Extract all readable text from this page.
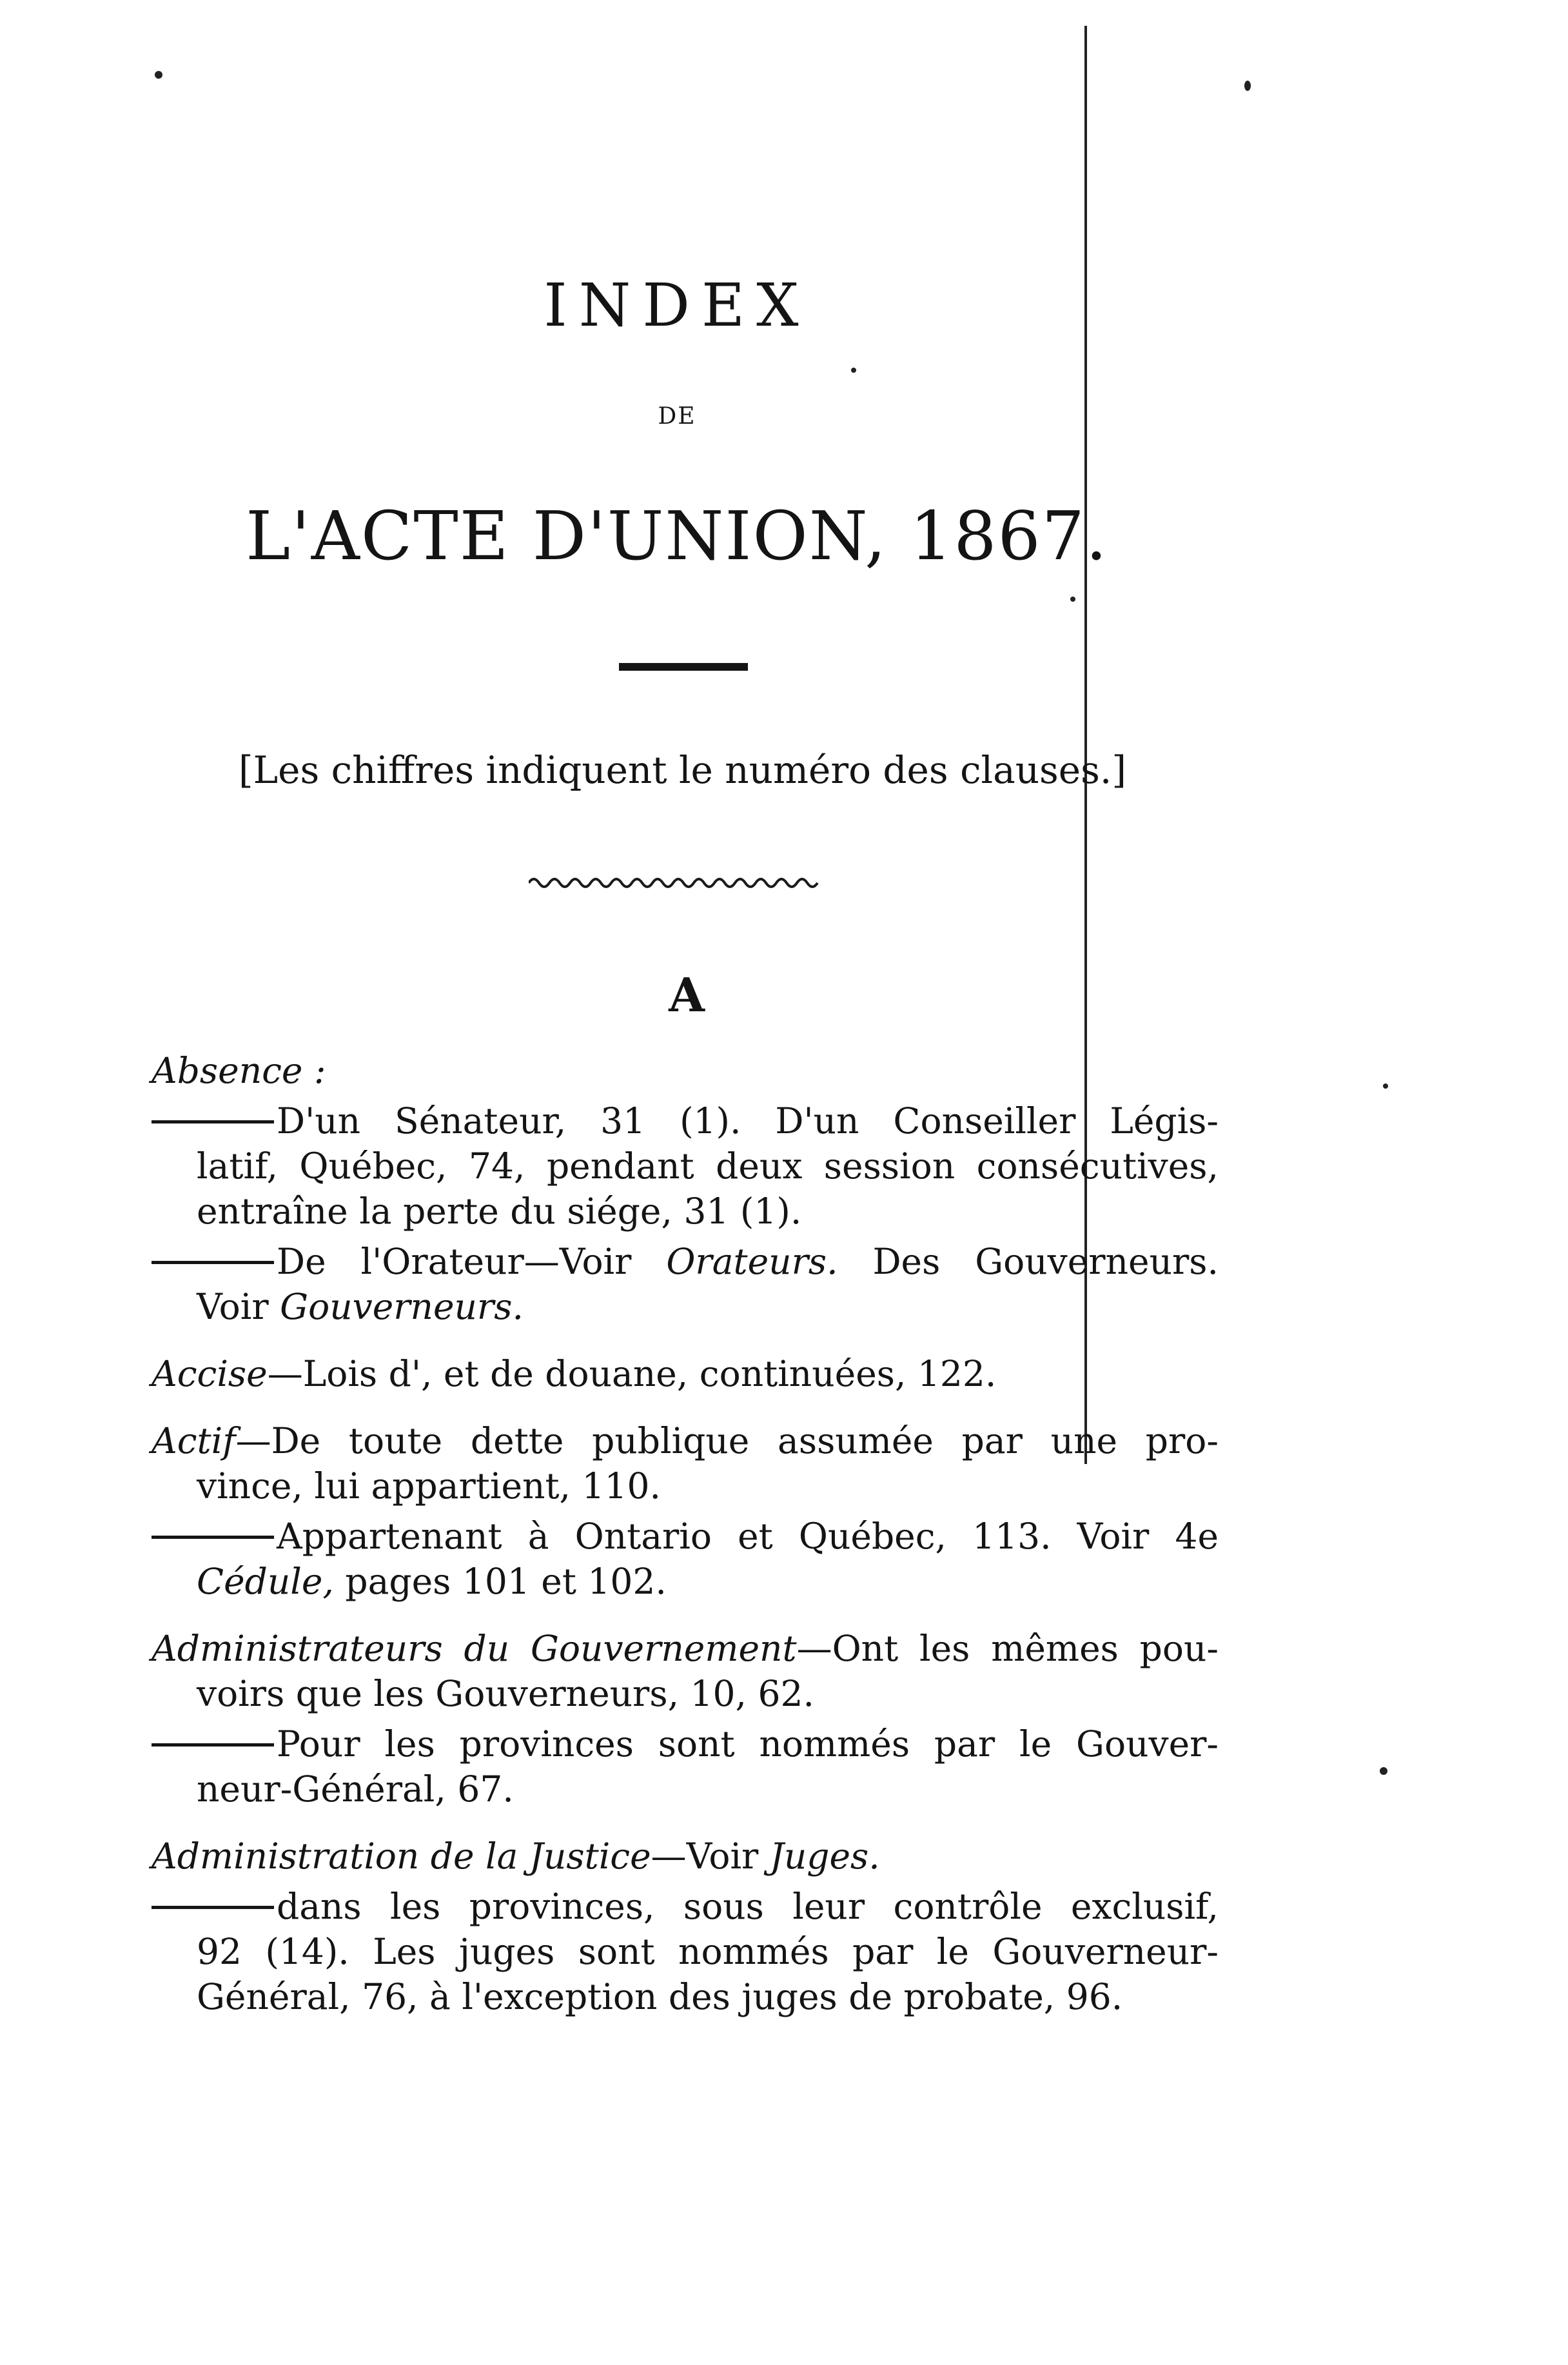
INDEX
DE
L'ACTE D'UNION, 1867.
[Les chiffres indiquent le numéro des clauses.]
A
Absence :
D'un Sénateur, 31 (1). D'un Conseiller Légis-
latif, Québec, 74, pendant deux session consécutives,
entraîne la perte du siége, 31 (1).
De l'Orateur—Voir Orateurs. Des Gouverneurs.
Voir Gouverneurs.
Accise—Lois d', et de douane, continuées, 122.
Actif—De toute dette publique assumée par une pro-
vince, lui appartient, 110.
Appartenant à Ontario et Québec, 113. Voir 4e
Cédule, pages 101 et 102.
Administrateurs du Gouvernement—Ont les mêmes pou-
voirs que les Gouverneurs, 10, 62.
Pour les provinces sont nommés par le Gouver-
neur-Général, 67.
Administration de la Justice—Voir Juges.
dans les provinces, sous leur contrôle exclusif,
92 (14). Les juges sont nommés par le Gouverneur-
Général, 76, à l'exception des juges de probate, 96.
